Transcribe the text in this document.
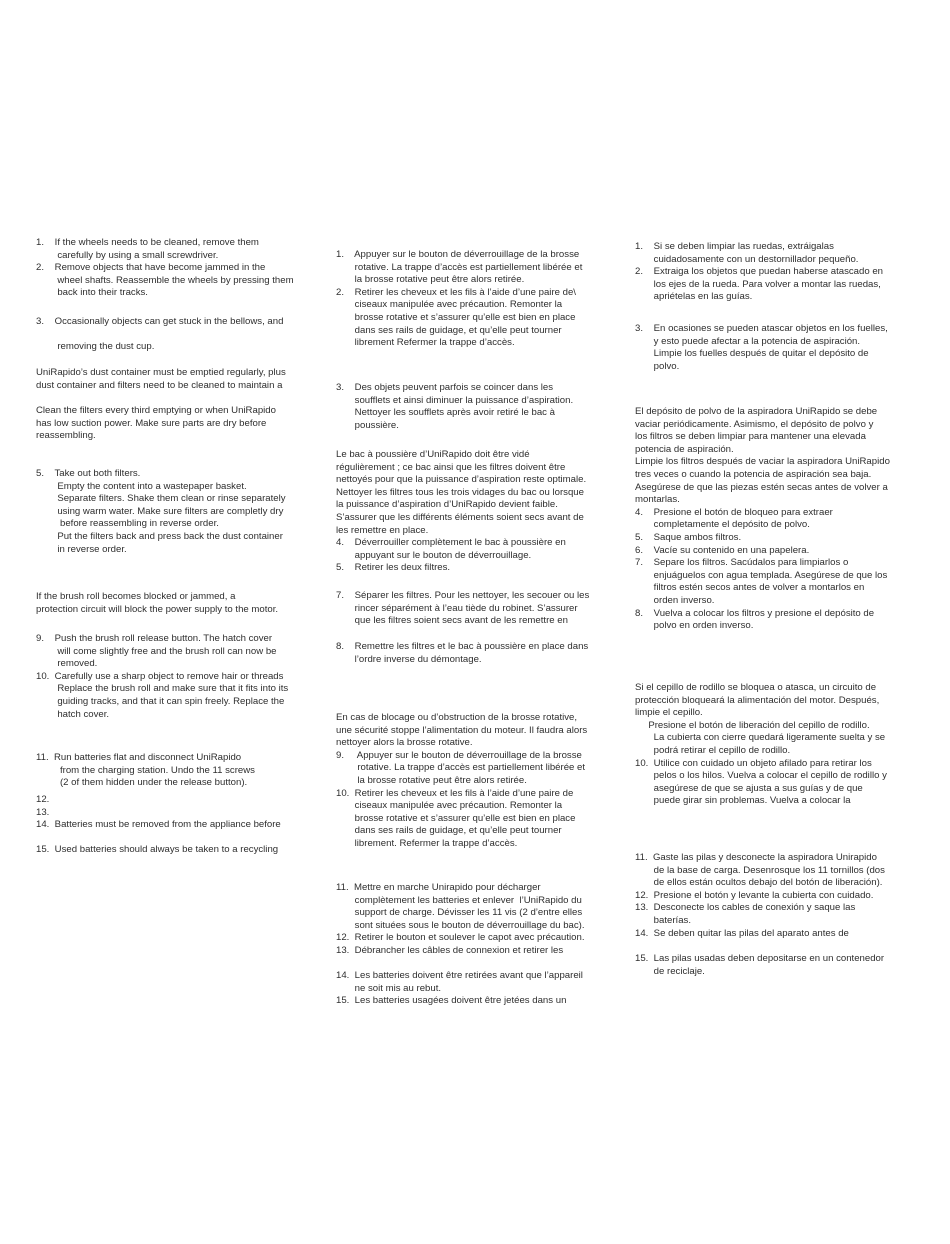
1.    If the wheels needs to be cleaned, remove them
carefully by using a small screwdriver.
2.    Remove objects that have become jammed in the
wheel shafts. Reassemble the wheels by pressing them
back into their tracks.
3.    Occasionally objects can get stuck in the bellows, and
removing the dust cup.
UniRapido’s dust container must be emptied regularly, plus
dust container and filters need to be cleaned to maintain a
Clean the filters every third emptying or when UniRapido
has low suction power. Make sure parts are dry before
reassembling.
5.    Take out both filters.
Empty the content into a wastepaper basket.
Separate filters. Shake them clean or rinse separately
using warm water. Make sure filters are completly dry
before reassembling in reverse order.
Put the filters back and press back the dust container
in reverse order.
If the brush roll becomes blocked or jammed, a
protection circuit will block the power supply to the motor.
9.    Push the brush roll release button. The hatch cover
will come slightly free and the brush roll can now be
removed.
10.  Carefully use a sharp object to remove hair or threads
Replace the brush roll and make sure that it fits into its
guiding tracks, and that it can spin freely. Replace the
hatch cover.
11.  Run batteries flat and disconnect UniRapido
from the charging station. Undo the 11 screws
(2 of them hidden under the release button).
12.
13.
14.  Batteries must be removed from the appliance before
15.  Used batteries should always be taken to a recycling
1.    Appuyer sur le bouton de déverrouillage de la brosse
rotative. La trappe d’accès est partiellement libérée et
la brosse rotative peut être alors retirée.
2.    Retirer les cheveux et les fils à l’aide d’une paire de\
ciseaux manipulée avec précaution. Remonter la
brosse rotative et s’assurer qu’elle est bien en place
dans ses rails de guidage, et qu’elle peut tourner
librement Refermer la trappe d’accès.
3.    Des objets peuvent parfois se coincer dans les
soufflets et ainsi diminuer la puissance d’aspiration.
Nettoyer les soufflets après avoir retiré le bac à
poussière.
Le bac à poussière d’UniRapido doit être vidé
régulièrement ; ce bac ainsi que les filtres doivent être
nettoyés pour que la puissance d’aspiration reste optimale.
Nettoyer les filtres tous les trois vidages du bac ou lorsque
la puissance d’aspiration d’UniRapido devient faible.
S’assurer que les différents éléments soient secs avant de
les remettre en place.
4.    Déverrouiller complètement le bac à poussière en
appuyant sur le bouton de déverrouillage.
5.    Retirer les deux filtres.
7.    Séparer les filtres. Pour les nettoyer, les secouer ou les
rincer séparément à l’eau tiède du robinet. S’assurer
que les filtres soient secs avant de les remettre en
8.    Remettre les filtres et le bac à poussière en place dans
l’ordre inverse du démontage.
En cas de blocage ou d’obstruction de la brosse rotative,
une sécurité stoppe l’alimentation du moteur. Il faudra alors
nettoyer alors la brosse rotative.
9.     Appuyer sur le bouton de déverrouillage de la brosse
rotative. La trappe d’accès est partiellement libérée et
la brosse rotative peut être alors retirée.
10.  Retirer les cheveux et les fils à l’aide d’une paire de
ciseaux manipulée avec précaution. Remonter la
brosse rotative et s’assurer qu’elle est bien en place
dans ses rails de guidage, et qu’elle peut tourner
librement. Refermer la trappe d’accès.
11.  Mettre en marche Unirapido pour décharger
complètement les batteries et enlever  l’UniRapido du
support de charge. Dévisser les 11 vis (2 d’entre elles
sont situées sous le bouton de déverrouillage du bac).
12.  Retirer le bouton et soulever le capot avec précaution.
13.  Débrancher les câbles de connexion et retirer les
14.  Les batteries doivent être retirées avant que l’appareil
ne soit mis au rebut.
15.  Les batteries usagées doivent être jetées dans un
1.    Si se deben limpiar las ruedas, extráigalas
cuidadosamente con un destornillador pequeño.
2.    Extraiga los objetos que puedan haberse atascado en
los ejes de la rueda. Para volver a montar las ruedas,
apriételas en las guías.
3.    En ocasiones se pueden atascar objetos en los fuelles,
y esto puede afectar a la potencia de aspiración.
Limpie los fuelles después de quitar el depósito de
polvo.
El depósito de polvo de la aspiradora UniRapido se debe
vaciar periódicamente. Asimismo, el depósito de polvo y
los filtros se deben limpiar para mantener una elevada
potencia de aspiración.
Limpie los filtros después de vaciar la aspiradora UniRapido
tres veces o cuando la potencia de aspiración sea baja.
Asegúrese de que las piezas estén secas antes de volver a
montarlas.
4.    Presione el botón de bloqueo para extraer
completamente el depósito de polvo.
5.    Saque ambos filtros.
6.    Vacíe su contenido en una papelera.
7.    Separe los filtros. Sacúdalos para limpiarlos o
enjuáguelos con agua templada. Asegúrese de que los
filtros estén secos antes de volver a montarlos en
orden inverso.
8.    Vuelva a colocar los filtros y presione el depósito de
polvo en orden inverso.
Si el cepillo de rodillo se bloquea o atasca, un circuito de
protección bloqueará la alimentación del motor. Después,
limpie el cepillo.
Presione el botón de liberación del cepillo de rodillo.
La cubierta con cierre quedará ligeramente suelta y se
podrá retirar el cepillo de rodillo.
10.  Utilice con cuidado un objeto afilado para retirar los
pelos o los hilos. Vuelva a colocar el cepillo de rodillo y
asegúrese de que se ajusta a sus guías y de que
puede girar sin problemas. Vuelva a colocar la
11.  Gaste las pilas y desconecte la aspiradora Unirapido
de la base de carga. Desenrosque los 11 tornillos (dos
de ellos están ocultos debajo del botón de liberación).
12.  Presione el botón y levante la cubierta con cuidado.
13.  Desconecte los cables de conexión y saque las
baterías.
14.  Se deben quitar las pilas del aparato antes de
15.  Las pilas usadas deben depositarse en un contenedor
de reciclaje.
